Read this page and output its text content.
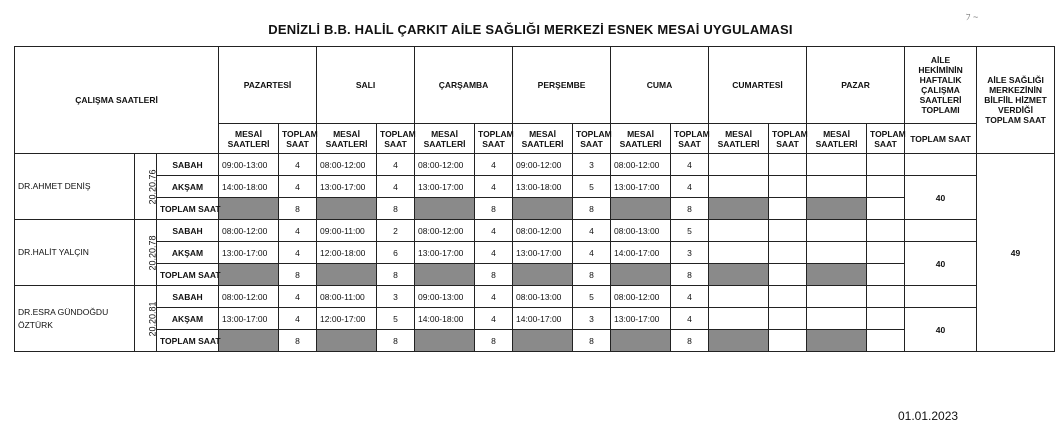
DENİZLİ B.B. HALİL ÇARKIT AİLE SAĞLIĞI MERKEZİ ESNEK MESAİ UYGULAMASI
ﾌ ~
ÇALIŞMA SAATLERİ			PAZARTESİ		SALI		ÇARŞAMBA		PERŞEMBE		CUMA		CUMARTESİ		PAZAR		AİLE HEKİMİNİN HAFTALIK ÇALIŞMA SAATLERİ TOPLAMI	AİLE SAĞLIĞI MERKEZİNİN BİLFİİL HİZMET VERDİĞİ TOPLAM SAAT
			MESAİ SAATLERİ	TOPLAM SAAT	MESAİ SAATLERİ	TOPLAM SAAT	MESAİ SAATLERİ	TOPLAM SAAT	MESAİ SAATLERİ	TOPLAM SAAT	MESAİ SAATLERİ	TOPLAM SAAT	MESAİ SAATLERİ	TOPLAM SAAT	MESAİ SAATLERİ	TOPLAM SAAT	TOPLAM SAAT	
DR.AHMET DENİŞ	20.20.76	SABAH	09:00-13:00	4	08:00-12:00	4	08:00-12:00	4	09:00-12:00	3	08:00-12:00	4						49
		AKŞAM	14:00-18:00	4	13:00-17:00	4	13:00-17:00	4	13:00-18:00	5	13:00-17:00	4					40	
		TOPLAM SAAT		8		8		8		8		8						
DR.HALİT YALÇIN	20.20.78	SABAH	08:00-12:00	4	09:00-11:00	2	08:00-12:00	4	08:00-12:00	4	08:00-13:00	5						
		AKŞAM	13:00-17:00	4	12:00-18:00	6	13:00-17:00	4	13:00-17:00	4	14:00-17:00	3					40	
		TOPLAM SAAT		8		8		8		8		8						
DR.ESRA GÜNDOĞDU ÖZTÜRK	20.20.81	SABAH	08:00-12:00	4	08:00-11:00	3	09:00-13:00	4	08:00-13:00	5	08:00-12:00	4						
		AKŞAM	13:00-17:00	4	12:00-17:00	5	14:00-18:00	4	14:00-17:00	3	13:00-17:00	4					40	
		TOPLAM SAAT		8		8		8		8		8						
01.01.2023
